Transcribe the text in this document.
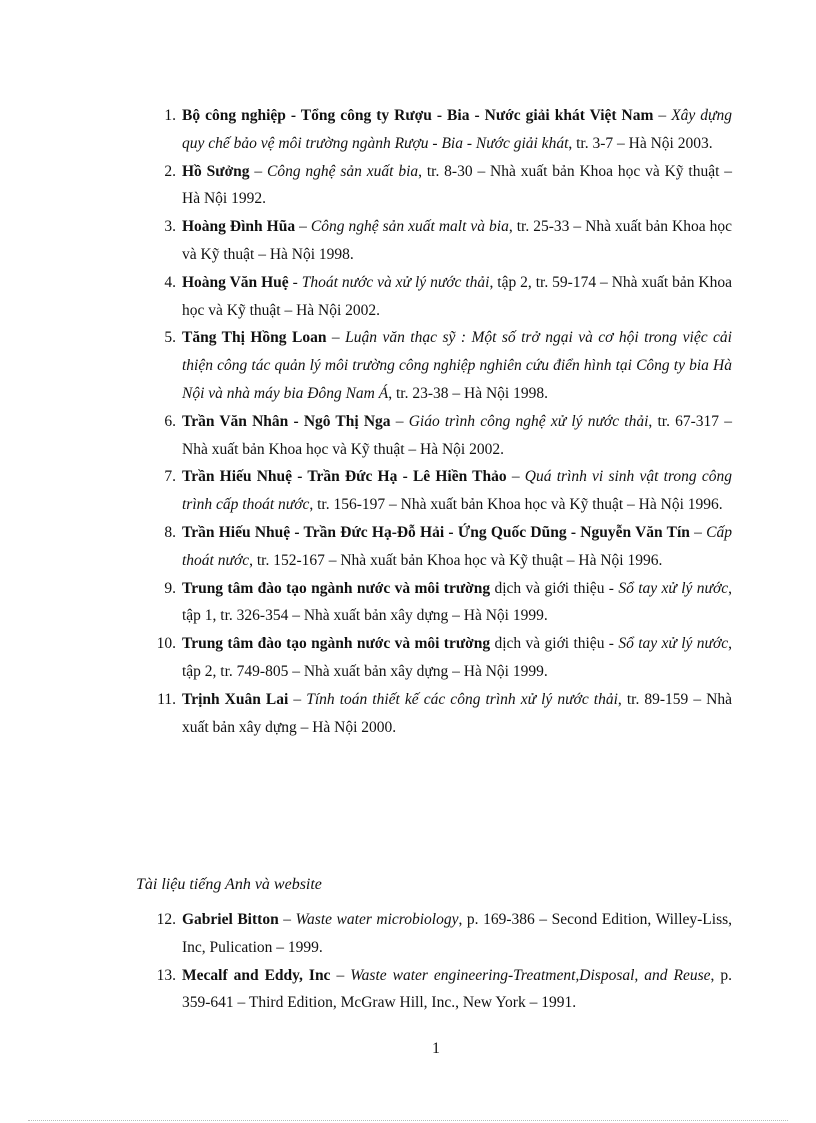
1. Bộ công nghiệp - Tổng công ty Rượu - Bia - Nước giải khát Việt Nam – Xây dựng quy chế bảo vệ môi trường ngành Rượu - Bia - Nước giải khát, tr. 3-7 – Hà Nội 2003.
2. Hồ Sưởng – Công nghệ sản xuất bia, tr. 8-30 – Nhà xuất bản Khoa học và Kỹ thuật – Hà Nội 1992.
3. Hoàng Đình Hũa – Công nghệ sản xuất malt và bia, tr. 25-33 – Nhà xuất bản Khoa học và Kỹ thuật – Hà Nội 1998.
4. Hoàng Văn Huệ - Thoát nước và xử lý nước thải, tập 2, tr. 59-174 – Nhà xuất bản Khoa học và Kỹ thuật – Hà Nội 2002.
5. Tăng Thị Hồng Loan – Luận văn thạc sỹ : Một số trở ngại và cơ hội trong việc cải thiện công tác quản lý môi trường công nghiệp nghiên cứu điển hình tại Công ty bia Hà Nội và nhà máy bia Đông Nam Á, tr. 23-38 – Hà Nội 1998.
6. Trần Văn Nhân - Ngô Thị Nga – Giáo trình công nghệ xử lý nước thải, tr. 67-317 – Nhà xuất bản Khoa học và Kỹ thuật – Hà Nội 2002.
7. Trần Hiếu Nhuệ - Trần Đức Hạ - Lê Hiền Thảo – Quá trình vi sinh vật trong công trình cấp thoát nước, tr. 156-197 – Nhà xuất bản Khoa học và Kỹ thuật – Hà Nội 1996.
8. Trần Hiếu Nhuệ - Trần Đức Hạ-Đỗ Hải - Ứng Quốc Dũng - Nguyễn Văn Tín – Cấp thoát nước, tr. 152-167 – Nhà xuất bản Khoa học và Kỹ thuật – Hà Nội 1996.
9. Trung tâm đào tạo ngành nước và môi trường dịch và giới thiệu - Sổ tay xử lý nước, tập 1, tr. 326-354 – Nhà xuất bản xây dựng – Hà Nội 1999.
10. Trung tâm đào tạo ngành nước và môi trường dịch và giới thiệu - Sổ tay xử lý nước, tập 2, tr. 749-805 – Nhà xuất bản xây dựng – Hà Nội 1999.
11. Trịnh Xuân Lai – Tính toán thiết kế các công trình xử lý nước thải, tr. 89-159 – Nhà xuất bản xây dựng – Hà Nội 2000.
Tài liệu tiếng Anh và website
12. Gabriel Bitton – Waste water microbiology, p. 169-386 – Second Edition, Willey-Liss, Inc, Pulication – 1999.
13. Mecalf and Eddy, Inc – Waste water engineering-Treatment,Disposal, and Reuse, p. 359-641 – Third Edition, McGraw Hill, Inc., New York – 1991.
1
